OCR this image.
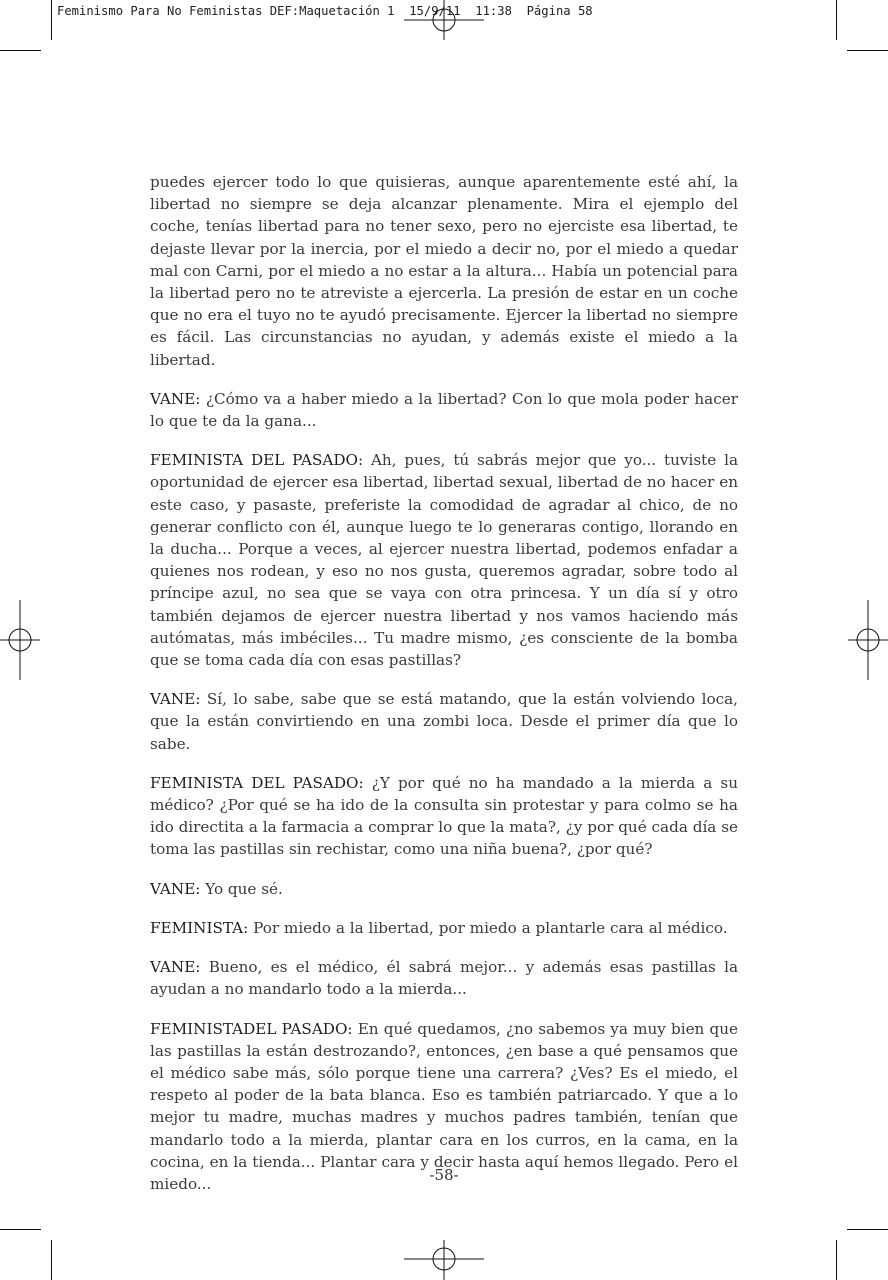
Feminismo Para No Feministas DEF:Maquetación 1  15/9/11  11:38  Página 58

puedes ejercer todo lo que quisieras, aunque aparentemente esté ahí, la libertad no siempre se deja alcanzar plenamente. Mira el ejemplo del coche, tenías libertad para no tener sexo, pero no ejerciste esa libertad, te dejaste llevar por la inercia, por el miedo a decir no, por el miedo a quedar mal con Carni, por el miedo a no estar a la altura... Había un potencial para la libertad pero no te atreviste a ejercerla. La presión de estar en un coche que no era el tuyo no te ayudó precisamente. Ejercer la libertad no siempre es fácil. Las circunstancias no ayudan, y además existe el miedo a la libertad.

VANE: ¿Cómo va a haber miedo a la libertad? Con lo que mola poder hacer lo que te da la gana...

FEMINISTA DEL PASADO: Ah, pues, tú sabrás mejor que yo... tuviste la oportunidad de ejercer esa libertad, libertad sexual, libertad de no hacer en este caso, y pasaste, preferiste la comodidad de agradar al chico, de no generar conflicto con él, aunque luego te lo generaras contigo, llorando en la ducha... Porque a veces, al ejercer nuestra libertad, podemos enfadar a quienes nos rodean, y eso no nos gusta, queremos agradar, sobre todo al príncipe azul, no sea que se vaya con otra princesa. Y un día sí y otro también dejamos de ejercer nuestra libertad y nos vamos haciendo más autómatas, más imbéciles... Tu madre mismo, ¿es consciente de la bomba que se toma cada día con esas pastillas?

VANE: Sí, lo sabe, sabe que se está matando, que la están volviendo loca, que la están convirtiendo en una zombi loca. Desde el primer día que lo sabe.

FEMINISTA DEL PASADO: ¿Y por qué no ha mandado a la mierda a su médico? ¿Por qué se ha ido de la consulta sin protestar y para colmo se ha ido directita a la farmacia a comprar lo que la mata?, ¿y por qué cada día se toma las pastillas sin rechistar, como una niña buena?, ¿por qué?

VANE: Yo que sé.

FEMINISTA: Por miedo a la libertad, por miedo a plantarle cara al médico.

VANE: Bueno, es el médico, él sabrá mejor... y además esas pastillas la ayudan a no mandarlo todo a la mierda...

FEMINISTADEL PASADO: En qué quedamos, ¿no sabemos ya muy bien que las pastillas la están destrozando?, entonces, ¿en base a qué pensamos que el médico sabe más, sólo porque tiene una carrera? ¿Ves? Es el miedo, el respeto al poder de la bata blanca. Eso es también patriarcado. Y que a lo mejor tu madre, muchas madres y muchos padres también, tenían que mandarlo todo a la mierda, plantar cara en los curros, en la cama, en la cocina, en la tienda... Plantar cara y decir hasta aquí hemos llegado. Pero el miedo...	-58-
